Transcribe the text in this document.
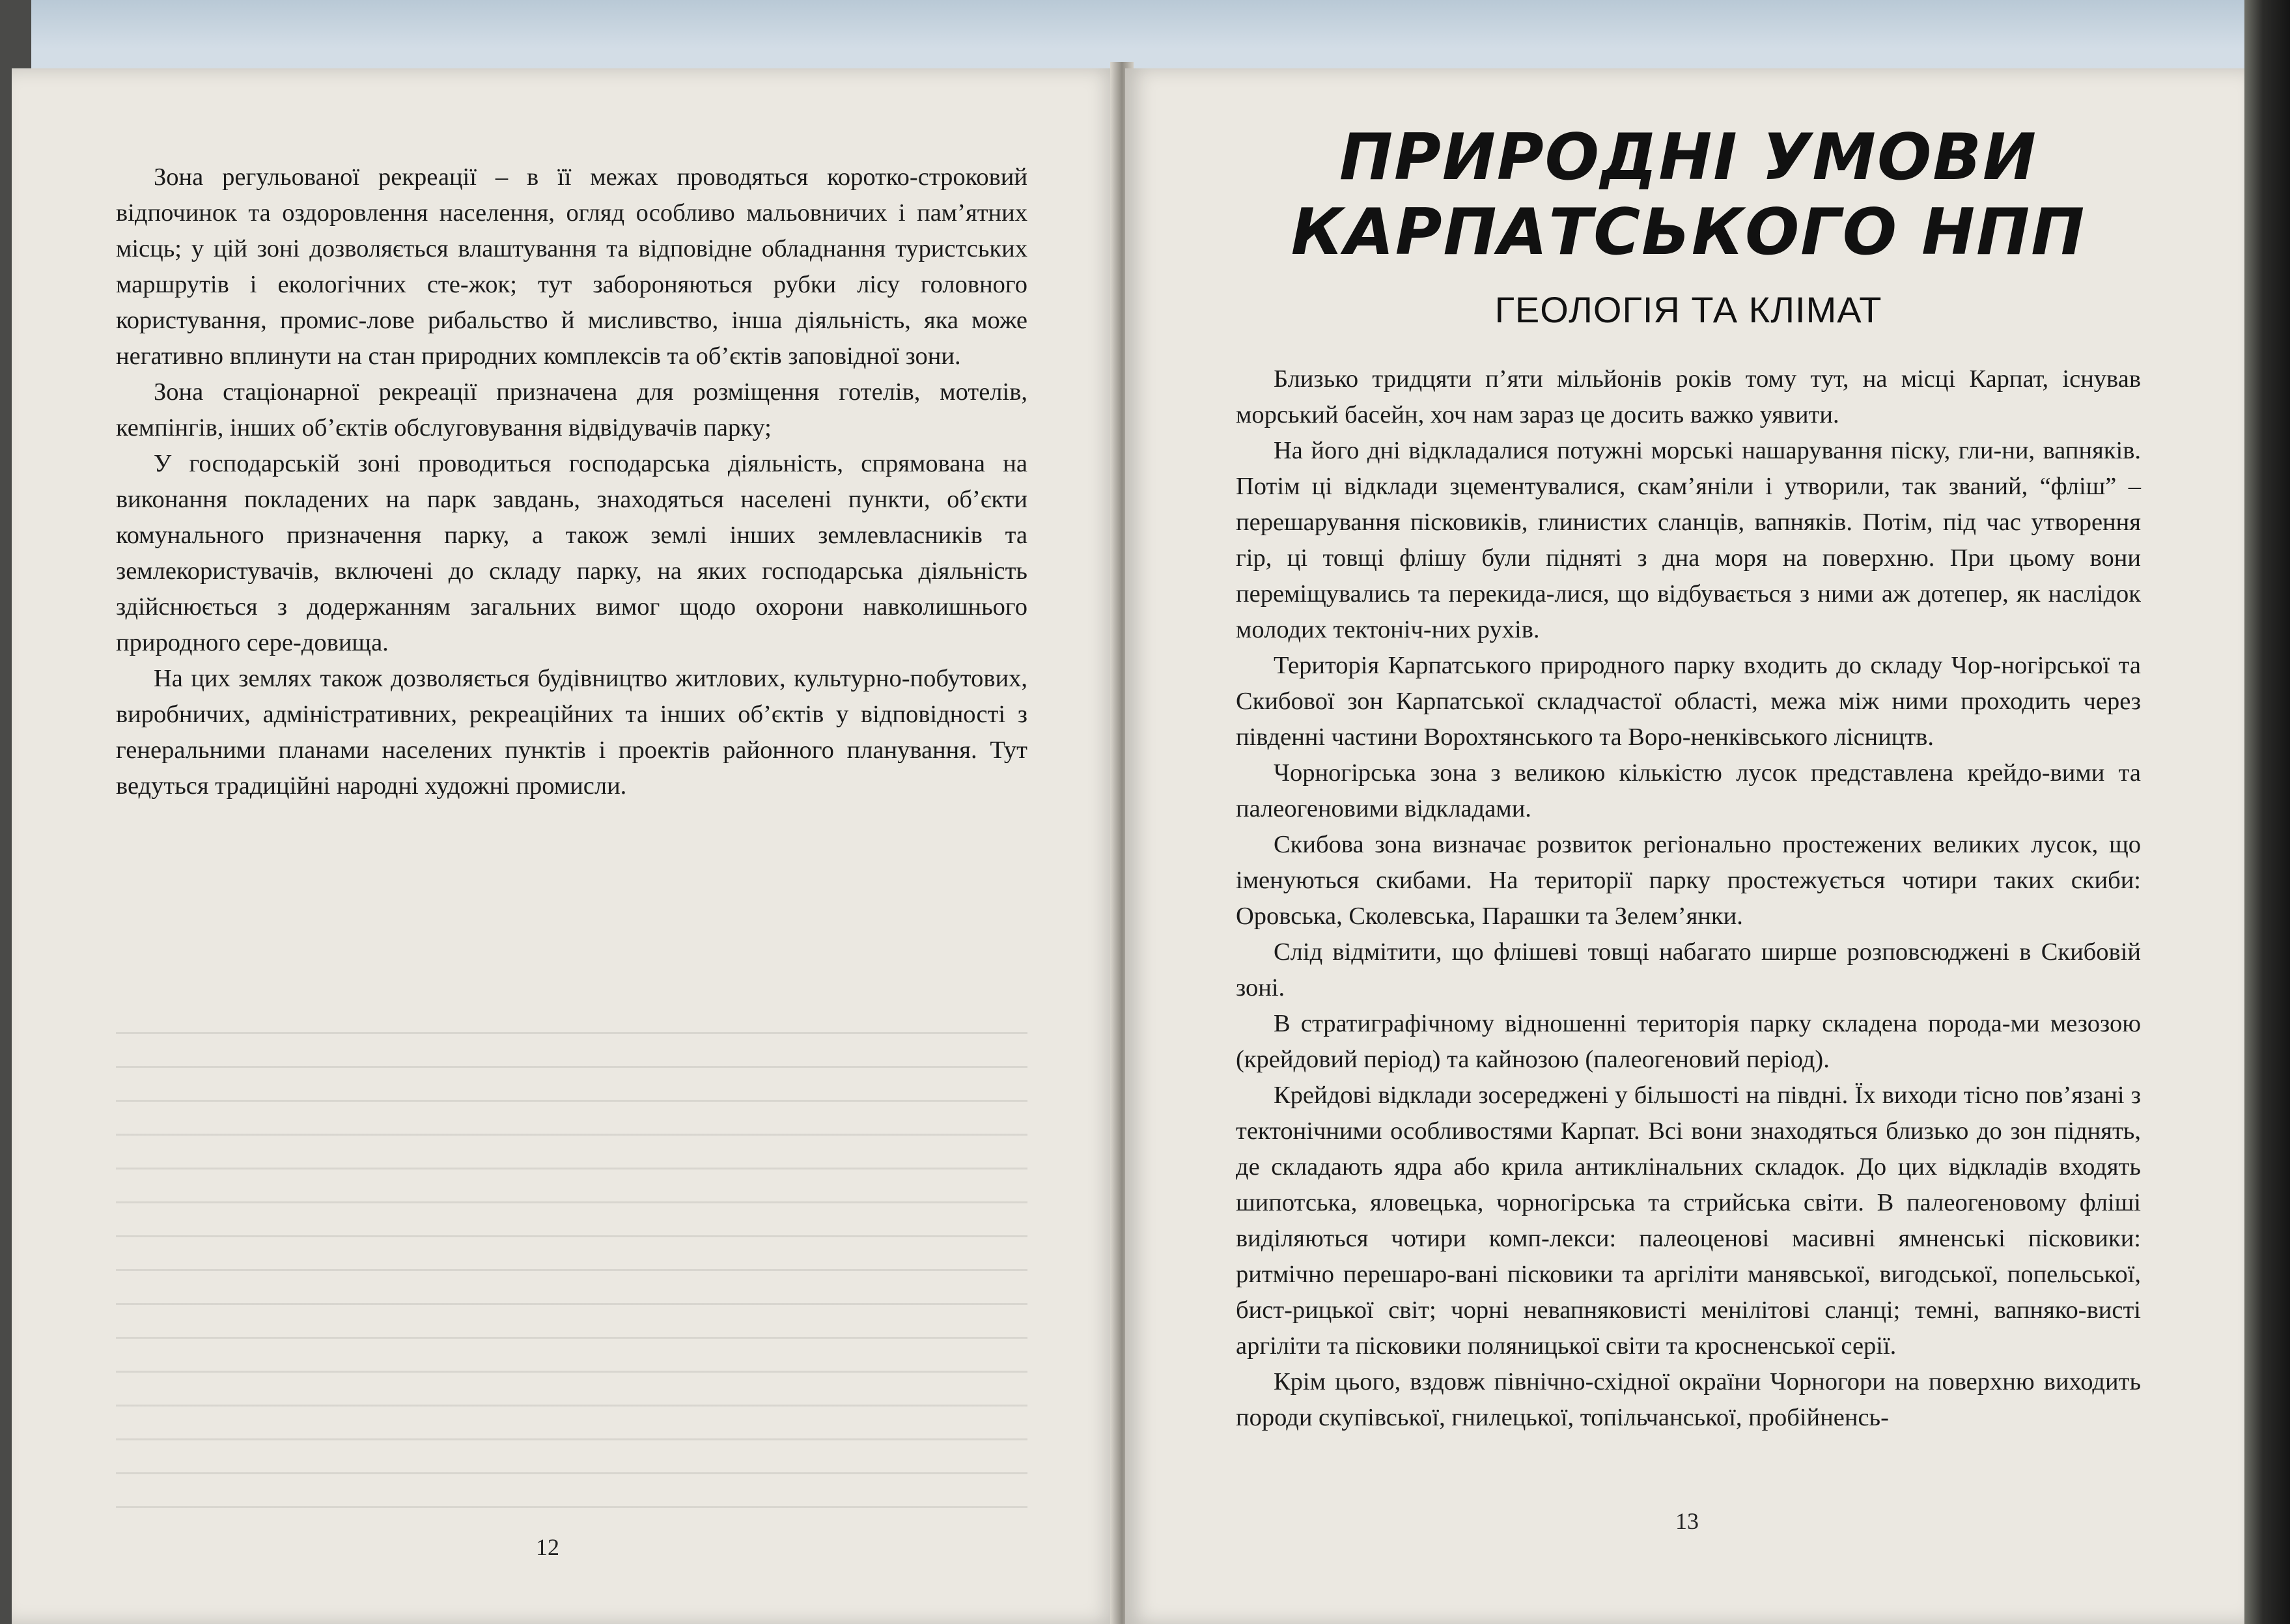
Зона регульованої рекреації – в її межах проводяться коротко-строковий відпочинок та оздоровлення населення, огляд особливо мальовничих і пам’ятних місць; у цій зоні дозволяється влаштування та відповідне обладнання туристських маршрутів і екологічних сте-жок; тут забороняються рубки лісу головного користування, промис-лове рибальство й мисливство, інша діяльність, яка може негативно вплинути на стан природних комплексів та об’єктів заповідної зони.

Зона стаціонарної рекреації призначена для розміщення готелів, мотелів, кемпінгів, інших об’єктів обслуговування відвідувачів парку;

У господарській зоні проводиться господарська діяльність, спрямована на виконання покладених на парк завдань, знаходяться населені пункти, об’єкти комунального призначення парку, а також землі інших землевласників та землекористувачів, включені до складу парку, на яких господарська діяльність здійснюється з додержанням загальних вимог щодо охорони навколишнього природного сере-довища.

На цих землях також дозволяється будівництво житлових, культурно-побутових, виробничих, адміністративних, рекреаційних та інших об’єктів у відповідності з генеральними планами населених пунктів і проектів районного планування. Тут ведуться традиційні народні художні промисли.

12
ПРИРОДНІ УМОВИ
КАРПАТСЬКОГО НПП
ГЕОЛОГІЯ ТА КЛІМАТ

Близько тридцяти п’яти мільйонів років тому тут, на місці Карпат, існував морський басейн, хоч нам зараз це досить важко уявити.

На його дні відкладалися потужні морські нашарування піску, гли-ни, вапняків. Потім ці відклади зцементувалися, скам’яніли і утворили, так званий, “фліш” – перешарування пісковиків, глинистих сланців, вапняків. Потім, під час утворення гір, ці товщі флішу були підняті з дна моря на поверхню. При цьому вони переміщувались та перекида-лися, що відбувається з ними аж дотепер, як наслідок молодих тектоніч-них рухів.

Територія Карпатського природного парку входить до складу Чор-ногірської та Скибової зон Карпатської складчастої області, межа між ними проходить через південні частини Ворохтянського та Воро-ненківського лісництв.

Чорногірська зона з великою кількістю лусок представлена крейдо-вими та палеогеновими відкладами.

Скибова зона визначає розвиток регіонально простежених великих лусок, що іменуються скибами. На території парку простежується чотири таких скиби: Оровська, Сколевська, Парашки та Зелем’янки.

Слід відмітити, що флішеві товщі набагато ширше розповсюджені в Скибовій зоні.

В стратиграфічному відношенні територія парку складена порода-ми мезозою (крейдовий період) та кайнозою (палеогеновий період).

Крейдові відклади зосереджені у більшості на півдні. Їх виходи тісно пов’язані з тектонічними особливостями Карпат. Всі вони знаходяться близько до зон піднять, де складають ядра або крила антиклінальних складок. До цих відкладів входять шипотська, яловецька, чорногірська та стрийська світи. В палеогеновому фліші виділяються чотири комп-лекси: палеоценові масивні ямненські пісковики: ритмічно перешаро-вані пісковики та аргіліти манявської, вигодської, попельської, бист-рицької світ; чорні невапняковисті менілітові сланці; темні, вапняко-висті аргіліти та пісковики поляницької світи та кросненської серії.

Крім цього, вздовж північно-східної окраїни Чорногори на поверхню виходить породи скупівської, гнилецької, топільчанської, пробійненсь-

13
